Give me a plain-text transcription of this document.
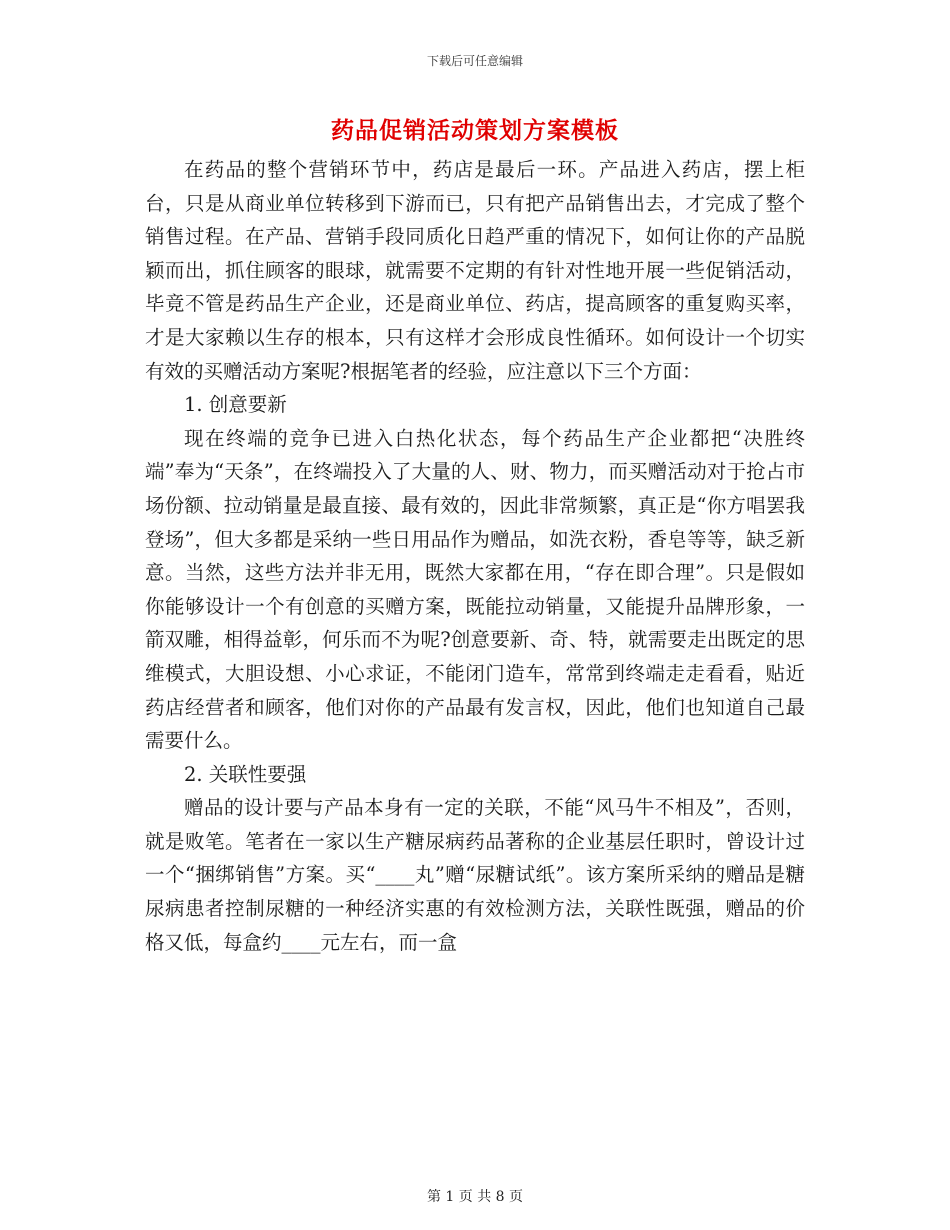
下载后可任意编辑
药品促销活动策划方案模板

在药品的整个营销环节中，药店是最后一环。产品进入药店，摆上柜台，只是从商业单位转移到下游而已，只有把产品销售出去，才完成了整个销售过程。在产品、营销手段同质化日趋严重的情况下，如何让你的产品脱颖而出，抓住顾客的眼球，就需要不定期的有针对性地开展一些促销活动，毕竟不管是药品生产企业，还是商业单位、药店，提高顾客的重复购买率，才是大家赖以生存的根本，只有这样才会形成良性循环。如何设计一个切实有效的买赠活动方案呢?根据笔者的经验，应注意以下三个方面：

1. 创意要新

现在终端的竞争已进入白热化状态，每个药品生产企业都把“决胜终端”奉为“天条”，在终端投入了大量的人、财、物力，而买赠活动对于抢占市场份额、拉动销量是最直接、最有效的，因此非常频繁，真正是“你方唱罢我登场”，但大多都是采纳一些日用品作为赠品，如洗衣粉，香皂等等，缺乏新意。当然，这些方法并非无用，既然大家都在用，“存在即合理”。只是假如你能够设计一个有创意的买赠方案，既能拉动销量，又能提升品牌形象，一箭双雕，相得益彰，何乐而不为呢?创意要新、奇、特，就需要走出既定的思维模式，大胆设想、小心求证，不能闭门造车，常常到终端走走看看，贴近药店经营者和顾客，他们对你的产品最有发言权，因此，他们也知道自己最需要什么。

2. 关联性要强

赠品的设计要与产品本身有一定的关联，不能“风马牛不相及”，否则，就是败笔。笔者在一家以生产糖尿病药品著称的企业基层任职时，曾设计过一个“捆绑销售”方案。买“____丸”赠“尿糖试纸”。该方案所采纳的赠品是糖尿病患者控制尿糖的一种经济实惠的有效检测方法，关联性既强，赠品的价格又低，每盒约____元左右，而一盒

第 1 页 共 8 页
